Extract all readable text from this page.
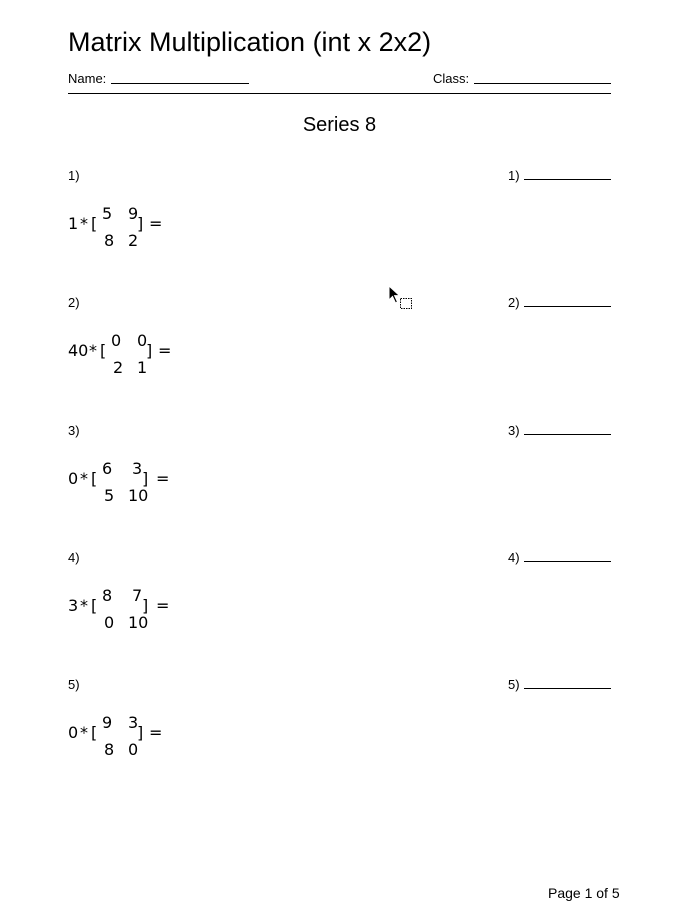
Matrix Multiplication (int x 2x2)
Name:	Class:
Series 8
1)	1)
1 * [
5 9
8 2
] =
2)	2)
40 * [
0 0
2 1
] =
3)	3)
0 * [
6 3
5 10
] =
4)	4)
3 * [
8 7
0 10
] =
5)	5)
0 * [
9 3
8 0
] =
Page 1 of 5
